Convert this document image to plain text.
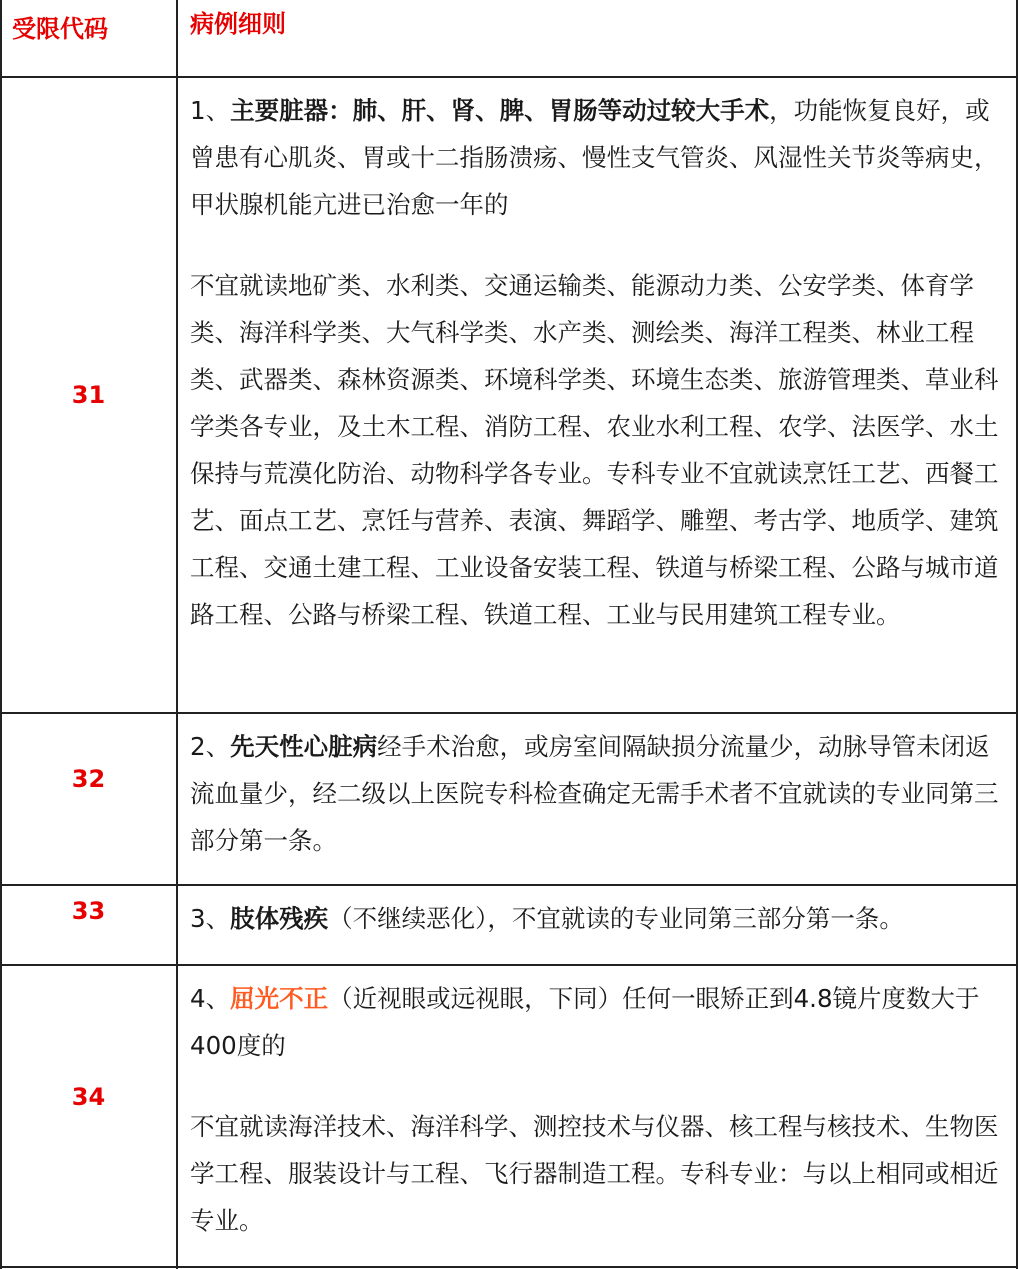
受限代码	病例细则
31

1、主要脏器：肺、肝、肾、脾、胃肠等动过较大手术，功能恢复良好，或曾患有心肌炎、胃或十二指肠溃疡、慢性支气管炎、风湿性关节炎等病史，甲状腺机能亢进已治愈一年的

不宜就读地矿类、水利类、交通运输类、能源动力类、公安学类、体育学类、海洋科学类、大气科学类、水产类、测绘类、海洋工程类、林业工程类、武器类、森林资源类、环境科学类、环境生态类、旅游管理类、草业科学类各专业，及土木工程、消防工程、农业水利工程、农学、法医学、水土保持与荒漠化防治、动物科学各专业。专科专业不宜就读烹饪工艺、西餐工艺、面点工艺、烹饪与营养、表演、舞蹈学、雕塑、考古学、地质学、建筑工程、交通土建工程、工业设备安装工程、铁道与桥梁工程、公路与城市道路工程、公路与桥梁工程、铁道工程、工业与民用建筑工程专业。

32

2、先天性心脏病经手术治愈，或房室间隔缺损分流量少，动脉导管未闭返流血量少，经二级以上医院专科检查确定无需手术者不宜就读的专业同第三部分第一条。

33	3、肢体残疾（不继续恶化），不宜就读的专业同第三部分第一条。

34

4、屈光不正（近视眼或远视眼，下同）任何一眼矫正到4.8镜片度数大于400度的

不宜就读海洋技术、海洋科学、测控技术与仪器、核工程与核技术、生物医学工程、服装设计与工程、飞行器制造工程。专科专业：与以上相同或相近专业。
